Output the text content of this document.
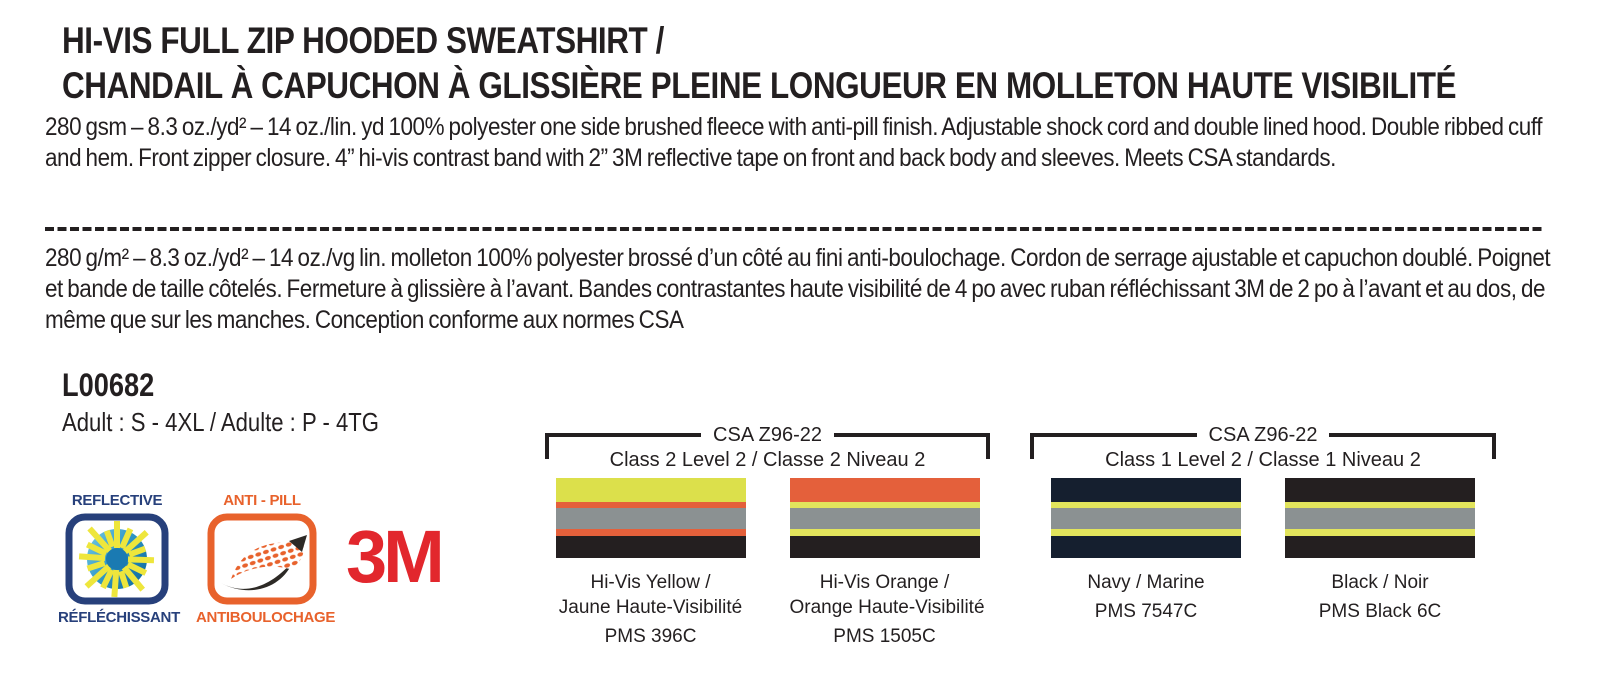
HI-VIS FULL ZIP HOODED SWEATSHIRT /
CHANDAIL À CAPUCHON À GLISSIÈRE PLEINE LONGUEUR EN MOLLETON HAUTE VISIBILITÉ
280 gsm – 8.3 oz./yd² – 14 oz./lin. yd 100% polyester one side brushed fleece with anti-pill finish. Adjustable shock cord and double lined hood. Double ribbed cuff and hem. Front zipper closure. 4” hi-vis contrast band with 2” 3M reflective tape on front and back body and sleeves. Meets CSA standards.
280 g/m² – 8.3 oz./yd² – 14 oz./vg lin. molleton 100% polyester brossé d’un côté au fini anti-boulochage. Cordon de serrage ajustable et capuchon doublé. Poignet et bande de taille côtelés. Fermeture à glissière à l’avant. Bandes contrastantes haute visibilité de 4 po avec ruban réfléchissant 3M de 2 po à l’avant et au dos, de même que sur les manches. Conception conforme aux normes CSA
L00682
Adult : S - 4XL / Adulte : P - 4TG
REFLECTIVE
RÉFLÉCHISSANT
ANTI - PILL
ANTIBOULOCHAGE
3M
CSA Z96-22
Class 2 Level 2 / Classe 2 Niveau 2
Hi-Vis Yellow /
Jaune Haute-Visibilité
PMS 396C
Hi-Vis Orange /
Orange Haute-Visibilité
PMS 1505C
CSA Z96-22
Class 1 Level 2 / Classe 1 Niveau 2
Navy / Marine
PMS 7547C
Black / Noir
PMS Black 6C
